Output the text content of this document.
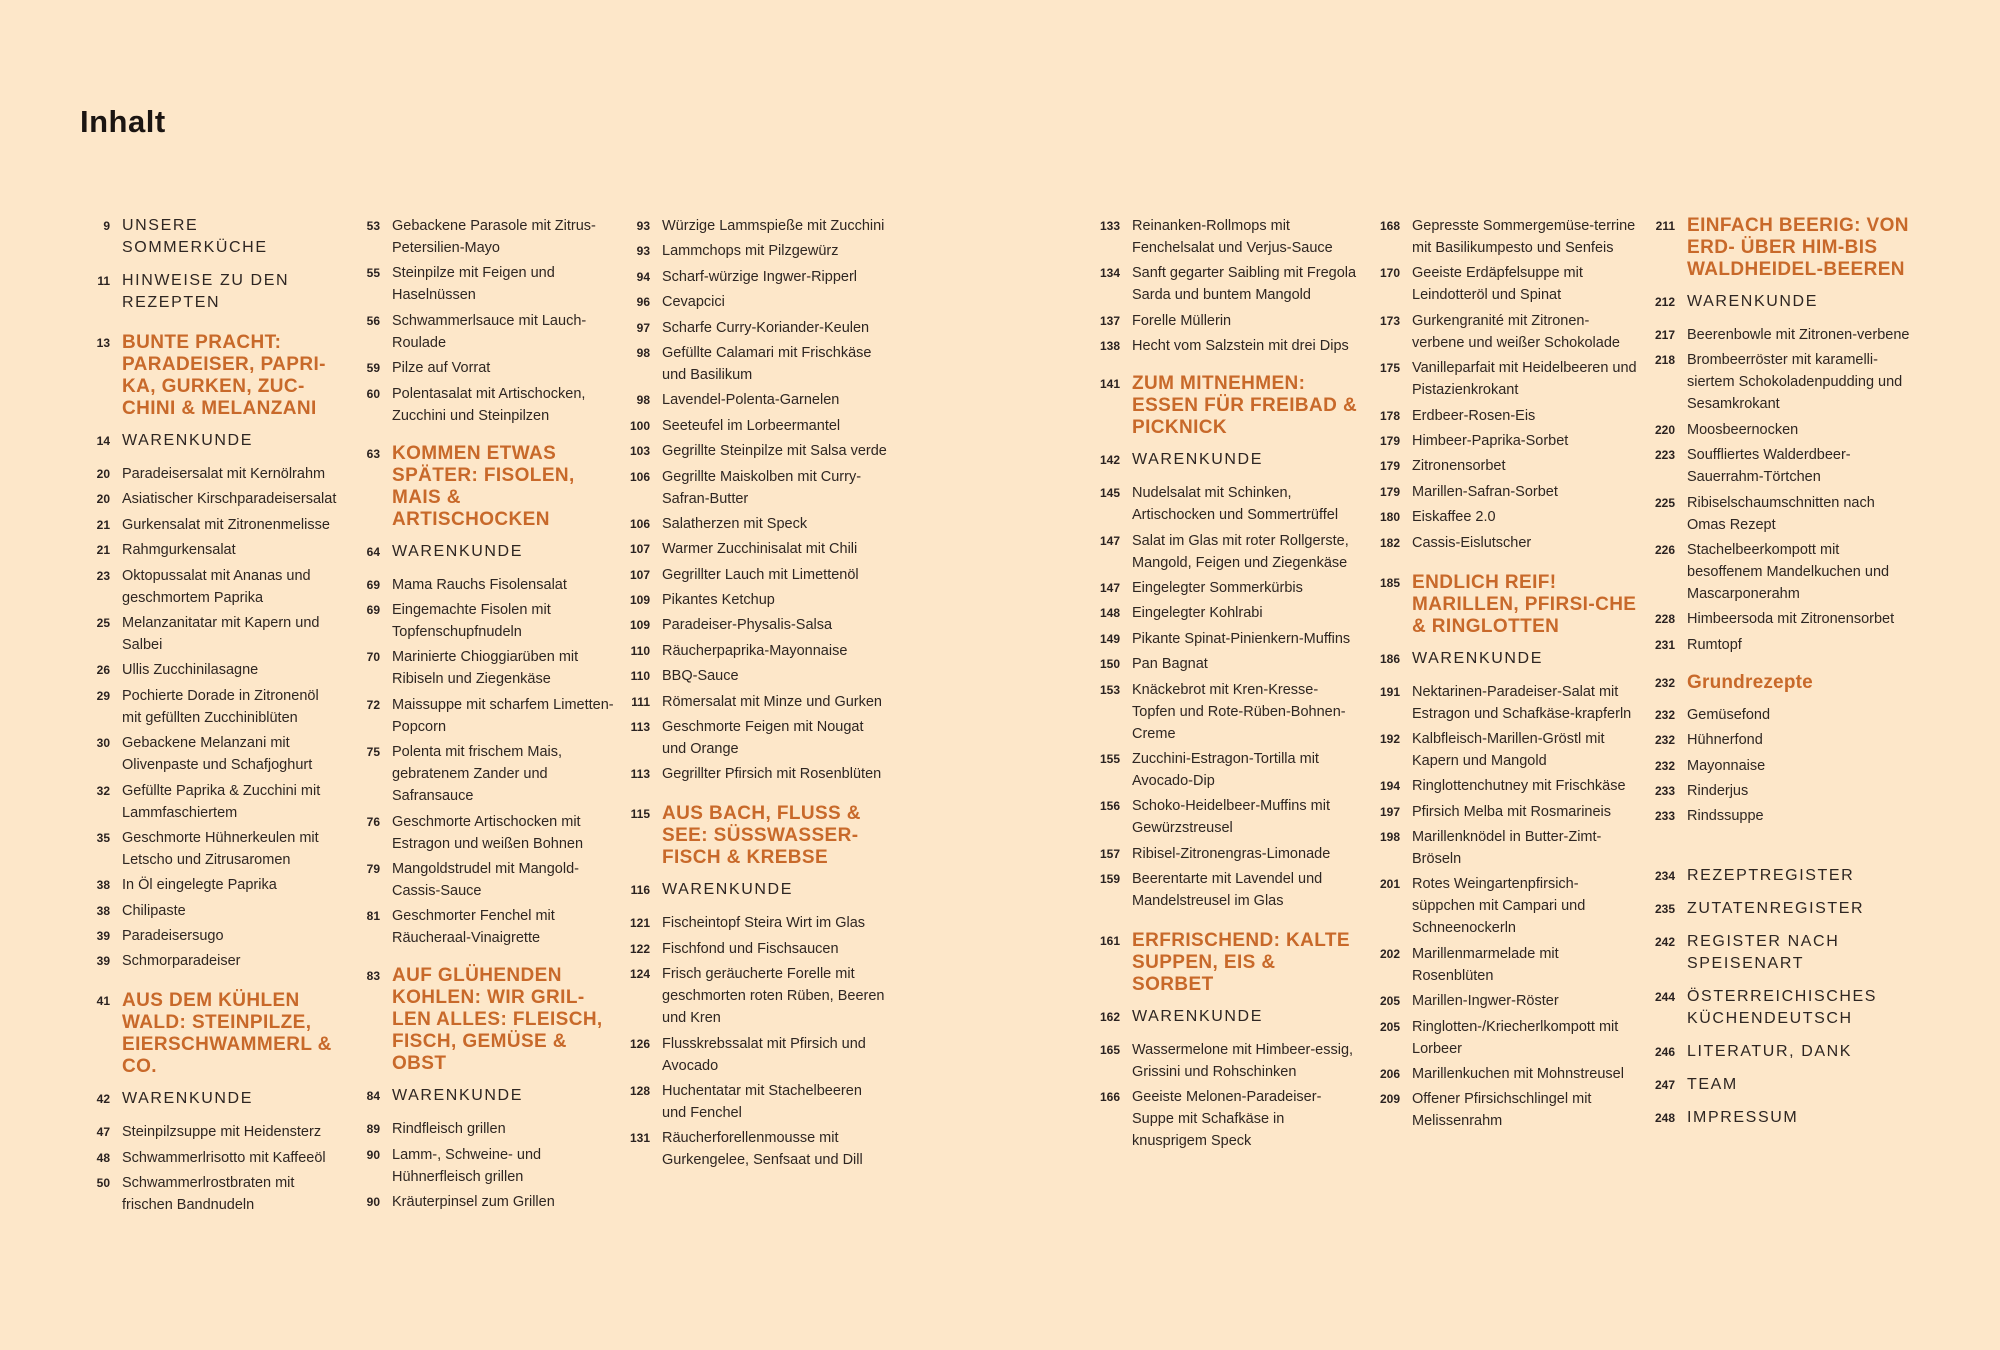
Inhalt
9 UNSERE SOMMERKÜCHE
11 HINWEISE ZU DEN REZEPTEN
13 BUNTE PRACHT: PARADEISER, PAPRI-KA, GURKEN, ZUC-CHINI & MELANZANI
14 WARENKUNDE
20 Paradeisersalat mit Kernölrahm
20 Asiatischer Kirschparadeisersalat
21 Gurkensalat mit Zitronenmelisse
21 Rahmgurkensalat
23 Oktopussalat mit Ananas und geschmortem Paprika
25 Melanzanitatar mit Kapern und Salbei
26 Ullis Zucchinilasagne
29 Pochierte Dorade in Zitronenöl mit gefüllten Zucchiniblüten
30 Gebackene Melanzani mit Olivenpaste und Schafjoghurt
32 Gefüllte Paprika & Zucchini mit Lammfaschiertem
35 Geschmorte Hühnerkeulen mit Letscho und Zitrusaromen
38 In Öl eingelegte Paprika
38 Chilipaste
39 Paradeisersugo
39 Schmorparadeiser
41 AUS DEM KÜHLEN WALD: STEINPILZE, EIERSCHWAMMERL & CO.
42 WARENKUNDE
47 Steinpilzsuppe mit Heidensterz
48 Schwammerlrisotto mit Kaffeeöl
50 Schwammerlrostbraten mit frischen Bandnudeln
53 Gebackene Parasole mit Zitrus-Petersilien-Mayo
55 Steinpilze mit Feigen und Haselnüssen
56 Schwammerlsauce mit Lauch-Roulade
59 Pilze auf Vorrat
60 Polentasalat mit Artischocken, Zucchini und Steinpilzen
63 KOMMEN ETWAS SPÄTER: FISOLEN, MAIS & ARTISCHOCKEN
64 WARENKUNDE
69 Mama Rauchs Fisolensalat
69 Eingemachte Fisolen mit Topfenschupfnudeln
70 Marinierte Chioggiarüben mit Ribiseln und Ziegenkäse
72 Maissuppe mit scharfem Limetten-Popcorn
75 Polenta mit frischem Mais, gebratenem Zander und Safransauce
76 Geschmorte Artischocken mit Estragon und weißen Bohnen
79 Mangoldstrudel mit Mangold-Cassis-Sauce
81 Geschmorter Fenchel mit Räucheraal-Vinaigrette
83 AUF GLÜHENDEN KOHLEN: WIR GRIL-LEN ALLES: FLEISCH, FISCH, GEMÜSE & OBST
84 WARENKUNDE
89 Rindfleisch grillen
90 Lamm-, Schweine- und Hühnerfleisch grillen
90 Kräuterpinsel zum Grillen
93 Würzige Lammspieße mit Zucchini
93 Lammchops mit Pilzgewürz
94 Scharf-würzige Ingwer-Ripperl
96 Cevapcici
97 Scharfe Curry-Koriander-Keulen
98 Gefüllte Calamari mit Frischkäse und Basilikum
98 Lavendel-Polenta-Garnelen
100 Seeteufel im Lorbeermantel
103 Gegrillte Steinpilze mit Salsa verde
106 Gegrillte Maiskolben mit Curry-Safran-Butter
106 Salatherzen mit Speck
107 Warmer Zucchinisalat mit Chili
107 Gegrillter Lauch mit Limettenöl
109 Pikantes Ketchup
109 Paradeiser-Physalis-Salsa
110 Räucherpaprika-Mayonnaise
110 BBQ-Sauce
111 Römersalat mit Minze und Gurken
113 Geschmorte Feigen mit Nougat und Orange
113 Gegrillter Pfirsich mit Rosenblüten
115 AUS BACH, FLUSS & SEE: SÜSSWASSER-FISCH & KREBSE
116 WARENKUNDE
121 Fischeintopf Steira Wirt im Glas
122 Fischfond und Fischsaucen
124 Frisch geräucherte Forelle mit geschmorten roten Rüben, Beeren und Kren
126 Flusskrebssalat mit Pfirsich und Avocado
128 Huchentatar mit Stachelbeeren und Fenchel
131 Räucherforellenmousse mit Gurkengelee, Senfsaat und Dill
133 Reinanken-Rollmops mit Fenchelsalat und Verjus-Sauce
134 Sanft gegarter Saibling mit Fregola Sarda und buntem Mangold
137 Forelle Müllerin
138 Hecht vom Salzstein mit drei Dips
141 ZUM MITNEHMEN: ESSEN FÜR FREIBAD & PICKNICK
142 WARENKUNDE
145 Nudelsalat mit Schinken, Artischocken und Sommertrüffel
147 Salat im Glas mit roter Rollgerste, Mangold, Feigen und Ziegenkäse
147 Eingelegter Sommerkürbis
148 Eingelegter Kohlrabi
149 Pikante Spinat-Pinienkern-Muffins
150 Pan Bagnat
153 Knäckebrot mit Kren-Kresse-Topfen und Rote-Rüben-Bohnen-Creme
155 Zucchini-Estragon-Tortilla mit Avocado-Dip
156 Schoko-Heidelbeer-Muffins mit Gewürzstreusel
157 Ribisel-Zitronengras-Limonade
159 Beerentarte mit Lavendel und Mandelstreusel im Glas
161 ERFRISCHEND: KALTE SUPPEN, EIS & SORBET
162 WARENKUNDE
165 Wassermelone mit Himbeer-essig, Grissini und Rohschinken
166 Geeiste Melonen-Paradeiser-Suppe mit Schafkäse in knusprigem Speck
168 Gepresste Sommergemüse-terrine mit Basilikumpesto und Senfeis
170 Geeiste Erdäpfelsuppe mit Leindotteröl und Spinat
173 Gurkengranité mit Zitronen-verbene und weißer Schokolade
175 Vanilleparfait mit Heidelbeeren und Pistazienkrokant
178 Erdbeer-Rosen-Eis
179 Himbeer-Paprika-Sorbet
179 Zitronensorbet
179 Marillen-Safran-Sorbet
180 Eiskaffee 2.0
182 Cassis-Eislutscher
185 ENDLICH REIF! MARILLEN, PFIRSI-CHE & RINGLOTTEN
186 WARENKUNDE
191 Nektarinen-Paradeiser-Salat mit Estragon und Schafkäse-krapferln
192 Kalbfleisch-Marillen-Gröstl mit Kapern und Mangold
194 Ringlottenchutney mit Frischkäse
197 Pfirsich Melba mit Rosmarineis
198 Marillenknödel in Butter-Zimt-Bröseln
201 Rotes Weingartenpfirsich-süppchen mit Campari und Schneenockerln
202 Marillenmarmelade mit Rosenblüten
205 Marillen-Ingwer-Röster
205 Ringlotten-/Kriecherlkompott mit Lorbeer
206 Marillenkuchen mit Mohnstreusel
209 Offener Pfirsichschlingel mit Melissenrahm
211 EINFACH BEERIG: VON ERD- ÜBER HIM-BIS WALDHEIDEL-BEEREN
212 WARENKUNDE
217 Beerenbowle mit Zitronen-verbene
218 Brombeerröster mit karamelli-siertem Schokoladenpudding und Sesamkrokant
220 Moosbeernocken
223 Souffliertes Walderdbeer-Sauerrahm-Törtchen
225 Ribiselschaumschnitten nach Omas Rezept
226 Stachelbeerkompott mit besoffenem Mandelkuchen und Mascarponerahm
228 Himbeersoda mit Zitronensorbet
231 Rumtopf
232 Grundrezepte
232 Gemüsefond
232 Hühnerfond
232 Mayonnaise
233 Rinderjus
233 Rindssuppe
234 REZEPTREGISTER
235 ZUTATENREGISTER
242 REGISTER NACH SPEISENART
244 ÖSTERREICHISCHES KÜCHENDEUTSCH
246 LITERATUR, DANK
247 TEAM
248 IMPRESSUM
